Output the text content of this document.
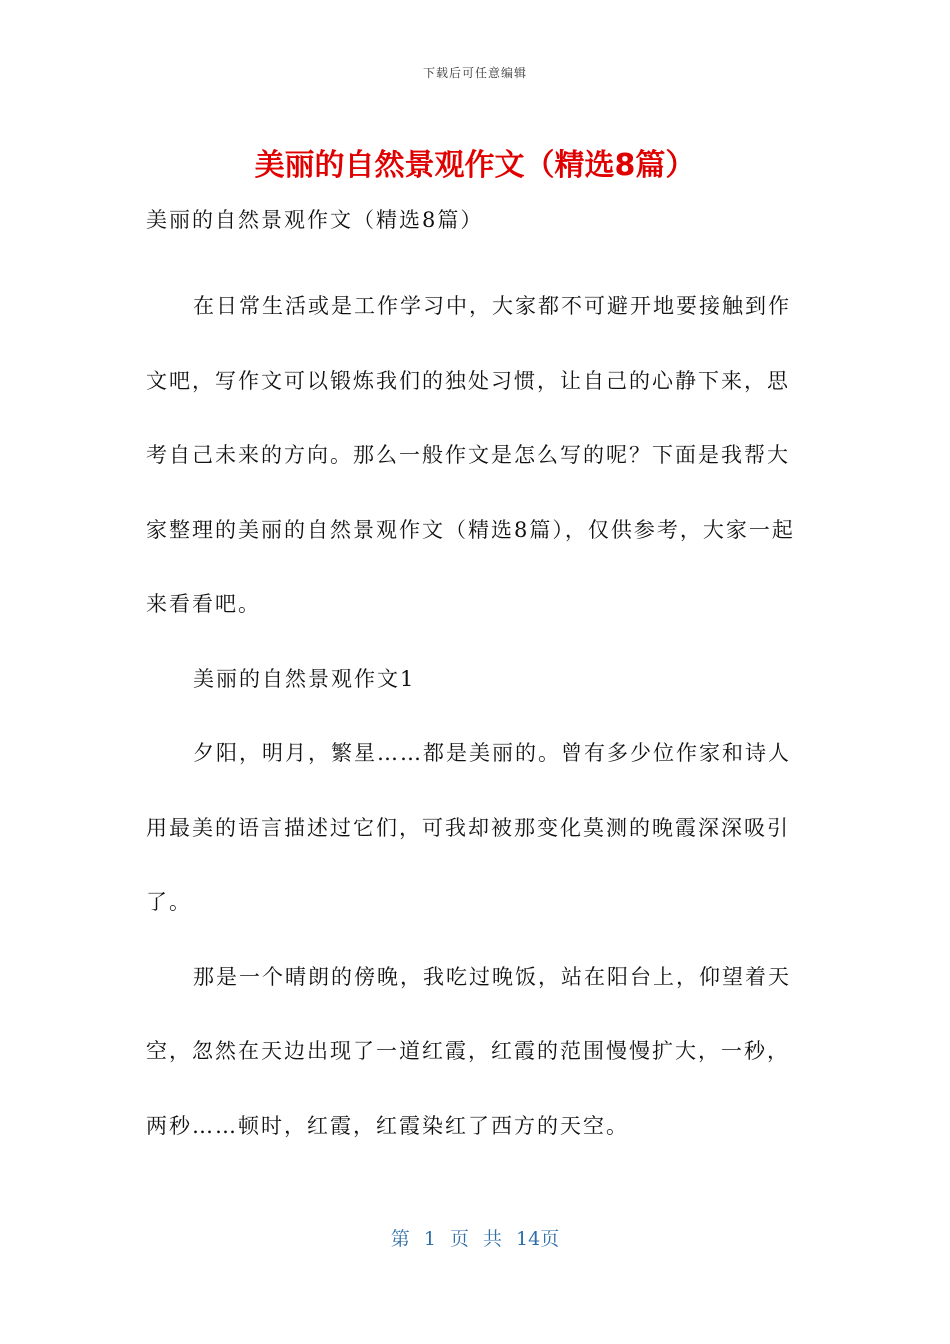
下载后可任意编辑
美丽的自然景观作文（精选8篇）

美丽的自然景观作文（精选8篇）

在日常生活或是工作学习中，大家都不可避开地要接触到作文吧，写作文可以锻炼我们的独处习惯，让自己的心静下来，思考自己未来的方向。那么一般作文是怎么写的呢？下面是我帮大家整理的美丽的自然景观作文（精选8篇），仅供参考，大家一起来看看吧。

美丽的自然景观作文1

夕阳，明月，繁星……都是美丽的。曾有多少位作家和诗人用最美的语言描述过它们，可我却被那变化莫测的晚霞深深吸引了。

那是一个晴朗的傍晚，我吃过晚饭，站在阳台上，仰望着天空，忽然在天边出现了一道红霞，红霞的范围慢慢扩大，一秒，两秒……顿时，红霞，红霞染红了西方的天空。

第 1 页 共 14页
